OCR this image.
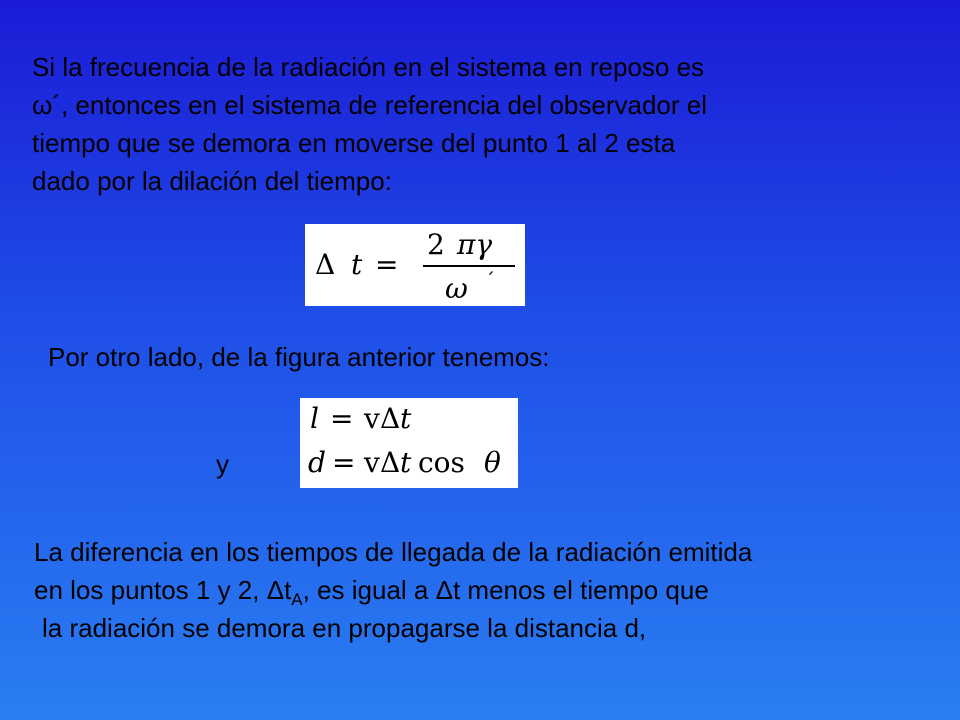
Si la frecuencia de la radiación en el sistema en reposo es
ω´, entonces en el sistema de referencia del observador el
tiempo que se demora en moverse del punto 1 al 2 esta
dado por la dilación del tiempo:
Δ t =
2 πγ
ω ´
Por otro lado, de la figura anterior tenemos:
y
l = v Δ t
d = v Δ t cos θ
La diferencia en los tiempos de llegada de la radiación emitida
en los puntos 1 y 2, $\Delta t_A$, es igual a Δt menos el tiempo que
la radiación se demora en propagarse la distancia d,
